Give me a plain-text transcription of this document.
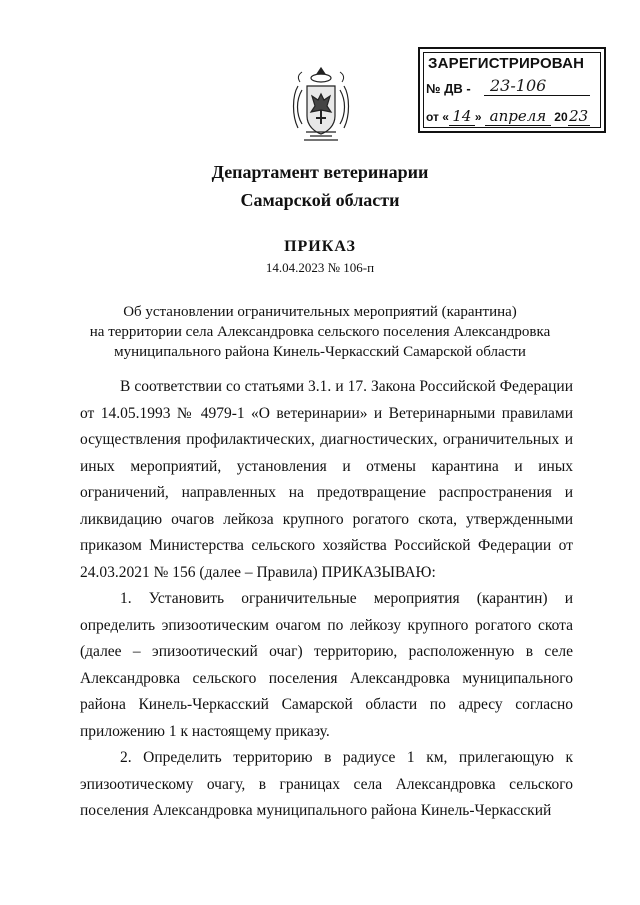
ЗАРЕГИСТРИРОВАН
№ ДВ -	23-106
от « 14 » апреля 2023
Департамент ветеринарии
Самарской области
ПРИКАЗ
14.04.2023 № 106-п
Об установлении ограничительных мероприятий (карантина)
на территории села Александровка сельского поселения Александровка
муниципального района Кинель-Черкасский Самарской области

В соответствии со статьями 3.1. и 17. Закона Российской Федерации от 14.05.1993 № 4979-1 «О ветеринарии» и Ветеринарными правилами осуществления профилактических, диагностических, ограничительных и иных мероприятий, установления и отмены карантина и иных ограничений, направленных на предотвращение распространения и ликвидацию очагов лейкоза крупного рогатого скота, утвержденными приказом Министерства сельского хозяйства Российской Федерации от 24.03.2021 № 156 (далее – Правила) ПРИКАЗЫВАЮ:

1. Установить ограничительные мероприятия (карантин) и определить эпизоотическим очагом по лейкозу крупного рогатого скота (далее – эпизоотический очаг) территорию, расположенную в селе Александровка сельского поселения Александровка муниципального района Кинель-Черкасский Самарской области по адресу согласно приложению 1 к настоящему приказу.

2. Определить территорию в радиусе 1 км, прилегающую к эпизоотическому очагу, в границах села Александровка сельского поселения Александровка муниципального района Кинель-Черкасский
